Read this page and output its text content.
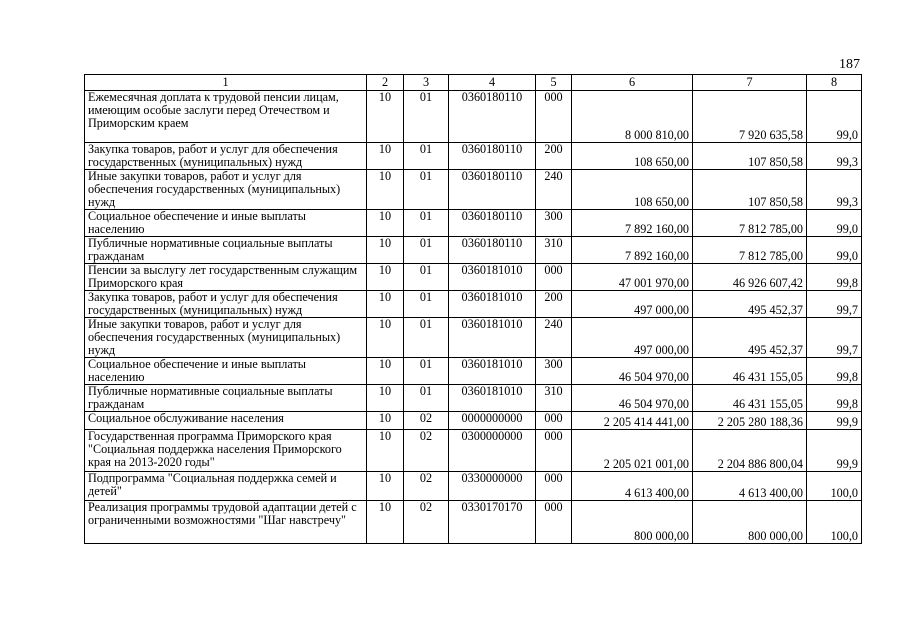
187
1	2	3	4	5	6	7	8
Ежемесячная доплата к трудовой пенсии лицам, имеющим особые заслуги перед Отечеством и Приморским краем	10	01	0360180110	000	8 000 810,00	7 920 635,58	99,0
Закупка товаров, работ и услуг для обеспечения государственных (муниципальных) нужд	10	01	0360180110	200	108 650,00	107 850,58	99,3
Иные закупки товаров, работ и услуг для обеспечения государственных (муниципальных) нужд	10	01	0360180110	240	108 650,00	107 850,58	99,3
Социальное обеспечение и иные выплаты населению	10	01	0360180110	300	7 892 160,00	7 812 785,00	99,0
Публичные нормативные социальные выплаты гражданам	10	01	0360180110	310	7 892 160,00	7 812 785,00	99,0
Пенсии за выслугу лет государственным служащим Приморского края	10	01	0360181010	000	47 001 970,00	46 926 607,42	99,8
Закупка товаров, работ и услуг для обеспечения государственных (муниципальных) нужд	10	01	0360181010	200	497 000,00	495 452,37	99,7
Иные закупки товаров, работ и услуг для обеспечения государственных (муниципальных) нужд	10	01	0360181010	240	497 000,00	495 452,37	99,7
Социальное обеспечение и иные выплаты населению	10	01	0360181010	300	46 504 970,00	46 431 155,05	99,8
Публичные нормативные социальные выплаты гражданам	10	01	0360181010	310	46 504 970,00	46 431 155,05	99,8
Социальное обслуживание населения	10	02	0000000000	000	2 205 414 441,00	2 205 280 188,36	99,9
Государственная программа Приморского края "Социальная поддержка населения Приморского края на 2013-2020 годы"	10	02	0300000000	000	2 205 021 001,00	2 204 886 800,04	99,9
Подпрограмма "Социальная поддержка семей и детей"	10	02	0330000000	000	4 613 400,00	4 613 400,00	100,0
Реализация программы трудовой адаптации детей с ограниченными возможностями "Шаг навстречу"	10	02	0330170170	000	800 000,00	800 000,00	100,0
